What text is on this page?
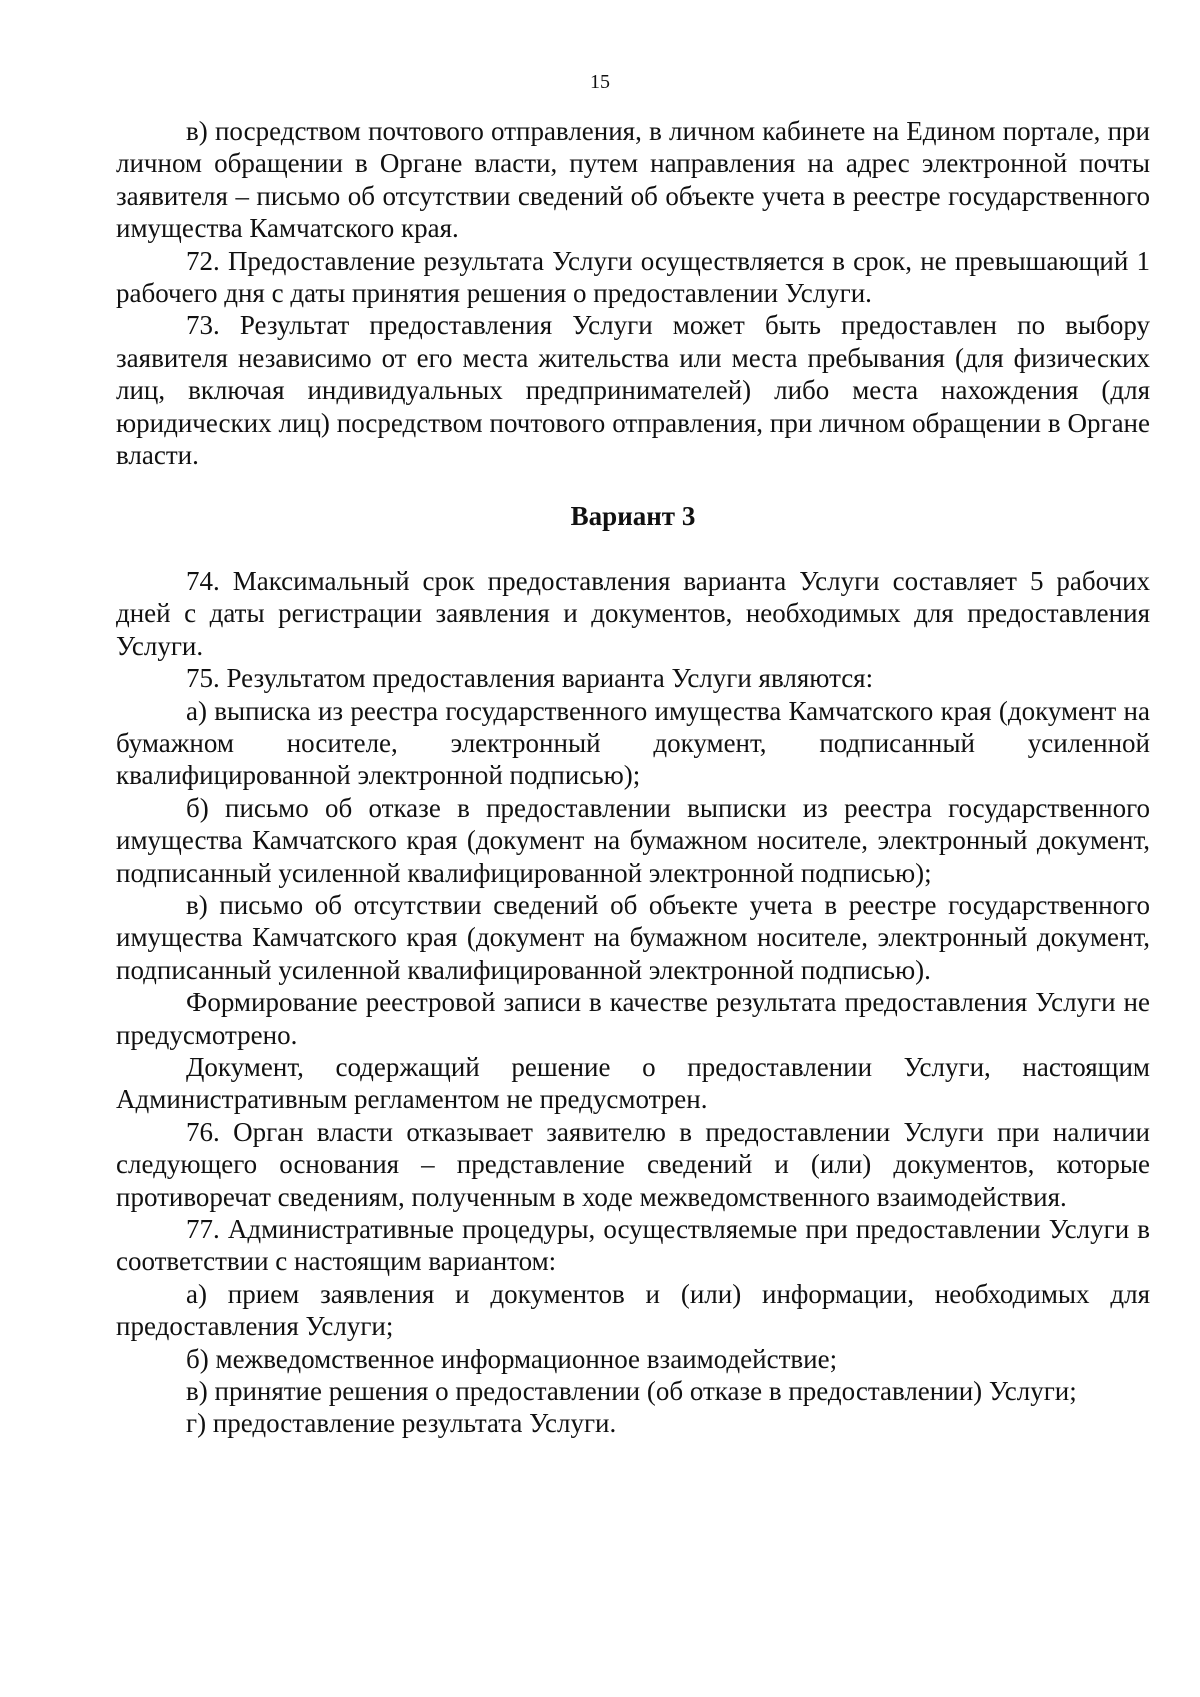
15

в) посредством почтового отправления, в личном кабинете на Едином портале, при личном обращении в Органе власти, путем направления на адрес электронной почты заявителя – письмо об отсутствии сведений об объекте учета в реестре государственного имущества Камчатского края.

72. Предоставление результата Услуги осуществляется в срок, не превышающий 1 рабочего дня с даты принятия решения о предоставлении Услуги.

73. Результат предоставления Услуги может быть предоставлен по выбору заявителя независимо от его места жительства или места пребывания (для физических лиц, включая индивидуальных предпринимателей) либо места нахождения (для юридических лиц) посредством почтового отправления, при личном обращении в Органе власти.

Вариант 3

74. Максимальный срок предоставления варианта Услуги составляет 5 рабочих дней с даты регистрации заявления и документов, необходимых для предоставления Услуги.

75. Результатом предоставления варианта Услуги являются:

а) выписка из реестра государственного имущества Камчатского края (документ на бумажном носителе, электронный документ, подписанный усиленной квалифицированной электронной подписью);

б) письмо об отказе в предоставлении выписки из реестра государственного имущества Камчатского края (документ на бумажном носителе, электронный документ, подписанный усиленной квалифицированной электронной подписью);

в) письмо об отсутствии сведений об объекте учета в реестре государственного имущества Камчатского края (документ на бумажном носителе, электронный документ, подписанный усиленной квалифицированной электронной подписью).

Формирование реестровой записи в качестве результата предоставления Услуги не предусмотрено.

Документ, содержащий решение о предоставлении Услуги, настоящим Административным регламентом не предусмотрен.

76. Орган власти отказывает заявителю в предоставлении Услуги при наличии следующего основания – представление сведений и (или) документов, которые противоречат сведениям, полученным в ходе межведомственного взаимодействия.

77. Административные процедуры, осуществляемые при предоставлении Услуги в соответствии с настоящим вариантом:

а) прием заявления и документов и (или) информации, необходимых для предоставления Услуги;

б) межведомственное информационное взаимодействие;

в) принятие решения о предоставлении (об отказе в предоставлении) Услуги;

г) предоставление результата Услуги.
